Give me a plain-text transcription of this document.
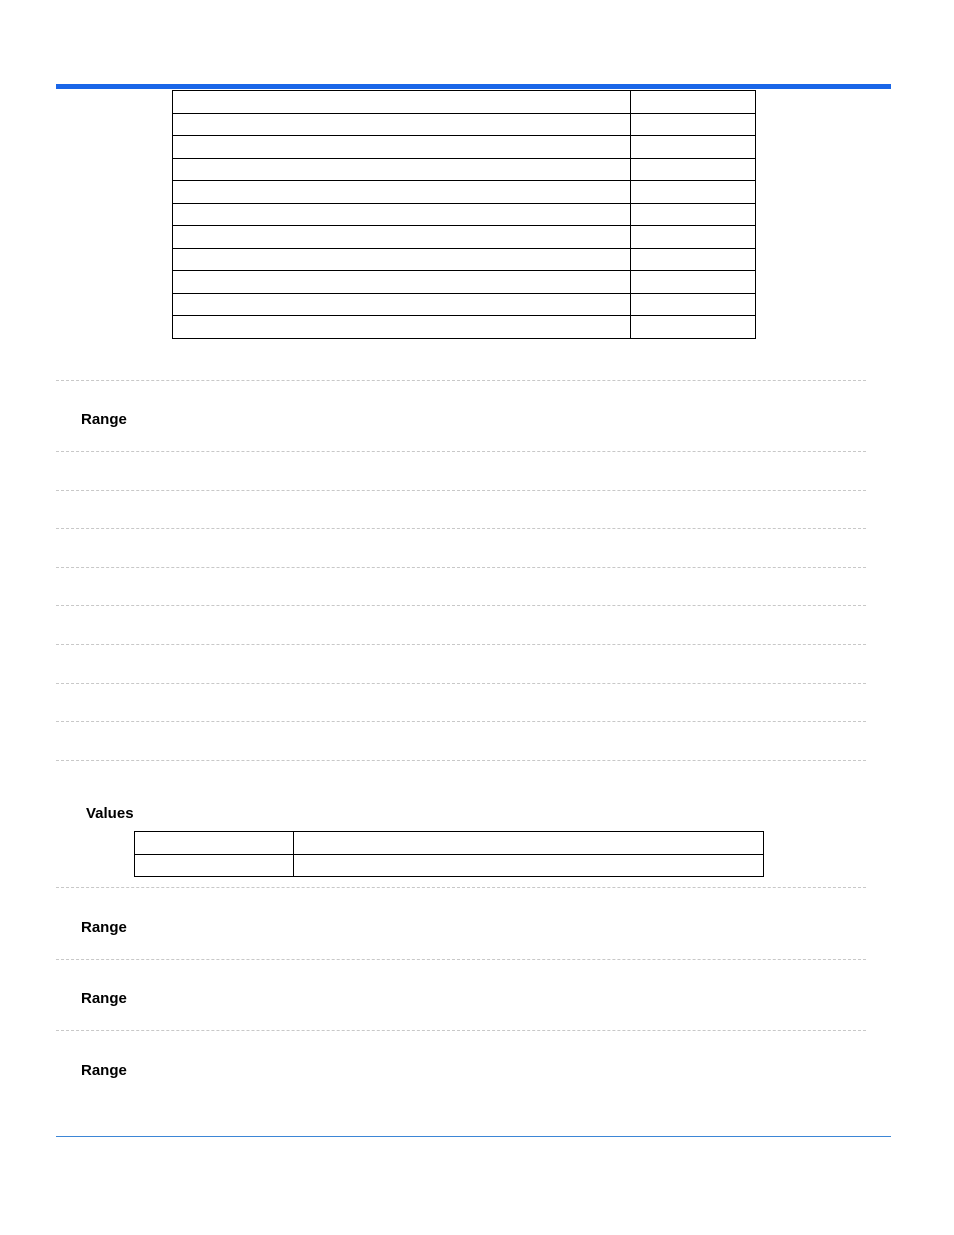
Range
Values

Range
Range
Range
